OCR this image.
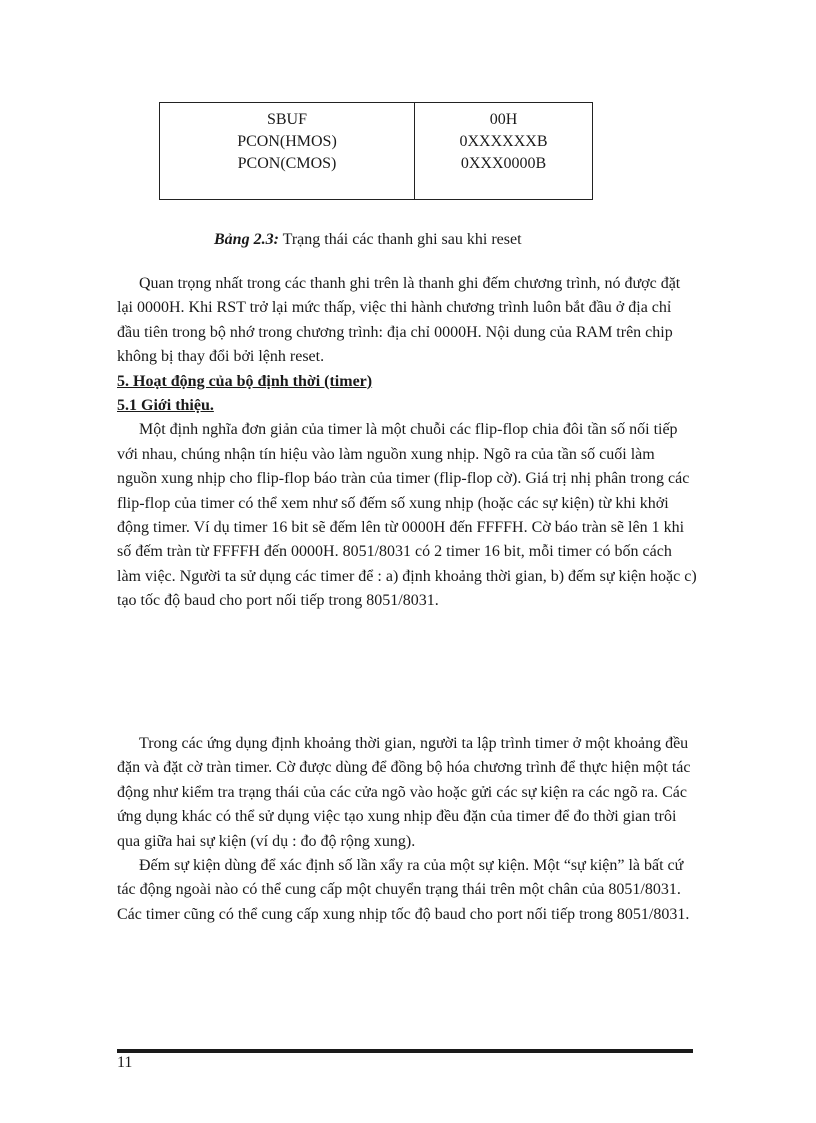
SBUF
PCON(HMOS)
PCON(CMOS)
00H
0XXXXXXB
0XXX0000B
Bảng 2.3: Trạng thái các thanh ghi sau khi reset

Quan trọng nhất trong các thanh ghi trên là thanh ghi đếm chương trình, nó được đặt lại 0000H. Khi RST trở lại mức thấp, việc thi hành chương trình luôn bắt đầu ở địa chỉ đầu tiên trong bộ nhớ trong chương trình: địa chỉ 0000H. Nội dung của RAM trên chip không bị thay đổi bởi lệnh reset.

5. Hoạt động của bộ định thời (timer)

5.1 Giới thiệu.

Một định nghĩa đơn giản của timer là một chuỗi các flip-flop chia đôi tần số nối tiếp với nhau, chúng nhận tín hiệu vào làm nguồn xung nhịp. Ngõ ra của tần số cuối làm nguồn xung nhịp cho flip-flop báo tràn của timer (flip-flop cờ). Giá trị nhị phân trong các flip-flop của timer có thể xem như số đếm số xung nhịp (hoặc các sự kiện) từ khi khởi động timer. Ví dụ timer 16 bit sẽ đếm lên từ 0000H đến FFFFH. Cờ báo tràn sẽ lên 1 khi số đếm tràn từ FFFFH đến 0000H. 8051/8031 có 2 timer 16 bit, mỗi timer có bốn cách làm việc. Người ta sử dụng các timer để : a) định khoảng thời gian, b) đếm sự kiện hoặc c) tạo tốc độ baud cho port nối tiếp trong 8051/8031.

Trong các ứng dụng định khoảng thời gian, người ta lập trình timer ở một khoảng đều đặn và đặt cờ tràn timer. Cờ được dùng để đồng bộ hóa chương trình để thực hiện một tác động như kiểm tra trạng thái của các cửa ngõ vào hoặc gửi các sự kiện ra các ngõ ra. Các ứng dụng khác có thể sử dụng việc tạo xung nhịp đều đặn của timer để đo thời gian trôi qua giữa hai sự kiện (ví dụ : đo độ rộng xung).

Đếm sự kiện dùng để xác định số lần xẩy ra của một sự kiện. Một “sự kiện” là bất cứ tác động ngoài nào có thể cung cấp một chuyển trạng thái trên một chân của 8051/8031. Các timer cũng có thể cung cấp xung nhịp tốc độ baud cho port nối tiếp trong 8051/8031.

11
